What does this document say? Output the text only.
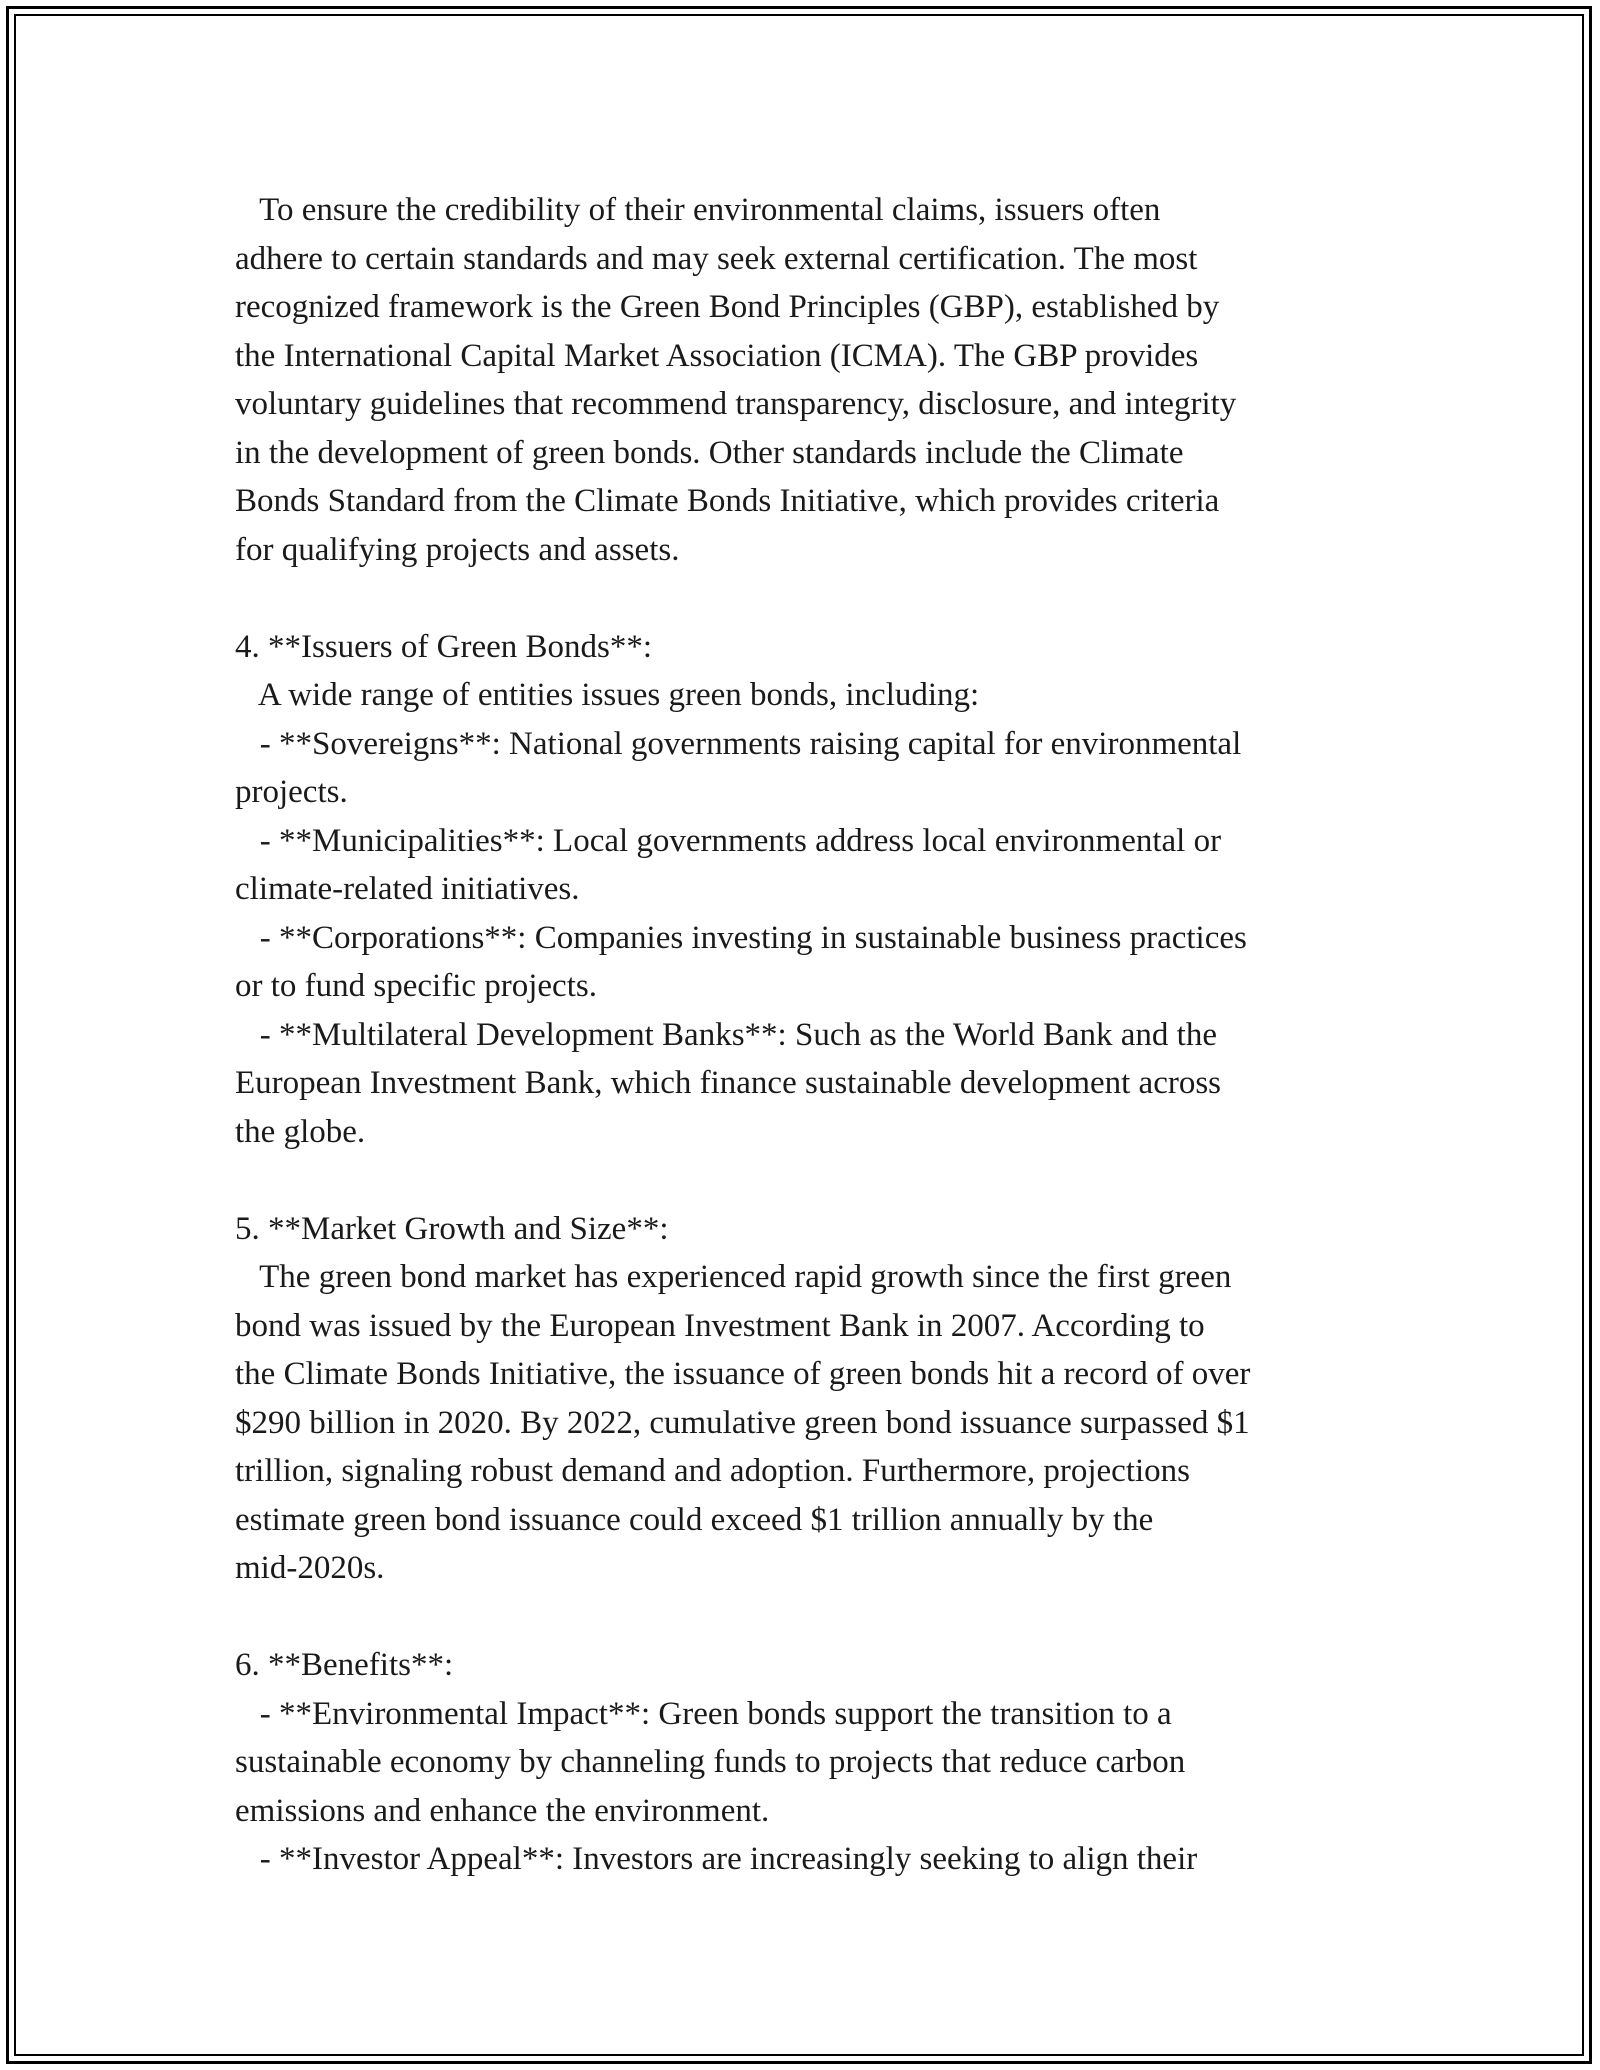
To ensure the credibility of their environmental claims, issuers often
adhere to certain standards and may seek external certification. The most
recognized framework is the Green Bond Principles (GBP), established by
the International Capital Market Association (ICMA). The GBP provides
voluntary guidelines that recommend transparency, disclosure, and integrity
in the development of green bonds. Other standards include the Climate
Bonds Standard from the Climate Bonds Initiative, which provides criteria
for qualifying projects and assets.
4. **Issuers of Green Bonds**:
A wide range of entities issues green bonds, including:
- **Sovereigns**: National governments raising capital for environmental
projects.
- **Municipalities**: Local governments address local environmental or
climate-related initiatives.
- **Corporations**: Companies investing in sustainable business practices
or to fund specific projects.
- **Multilateral Development Banks**: Such as the World Bank and the
European Investment Bank, which finance sustainable development across
the globe.
5. **Market Growth and Size**:
The green bond market has experienced rapid growth since the first green
bond was issued by the European Investment Bank in 2007. According to
the Climate Bonds Initiative, the issuance of green bonds hit a record of over
$290 billion in 2020. By 2022, cumulative green bond issuance surpassed $1
trillion, signaling robust demand and adoption. Furthermore, projections
estimate green bond issuance could exceed $1 trillion annually by the
mid-2020s.
6. **Benefits**:
- **Environmental Impact**: Green bonds support the transition to a
sustainable economy by channeling funds to projects that reduce carbon
emissions and enhance the environment.
- **Investor Appeal**: Investors are increasingly seeking to align their
